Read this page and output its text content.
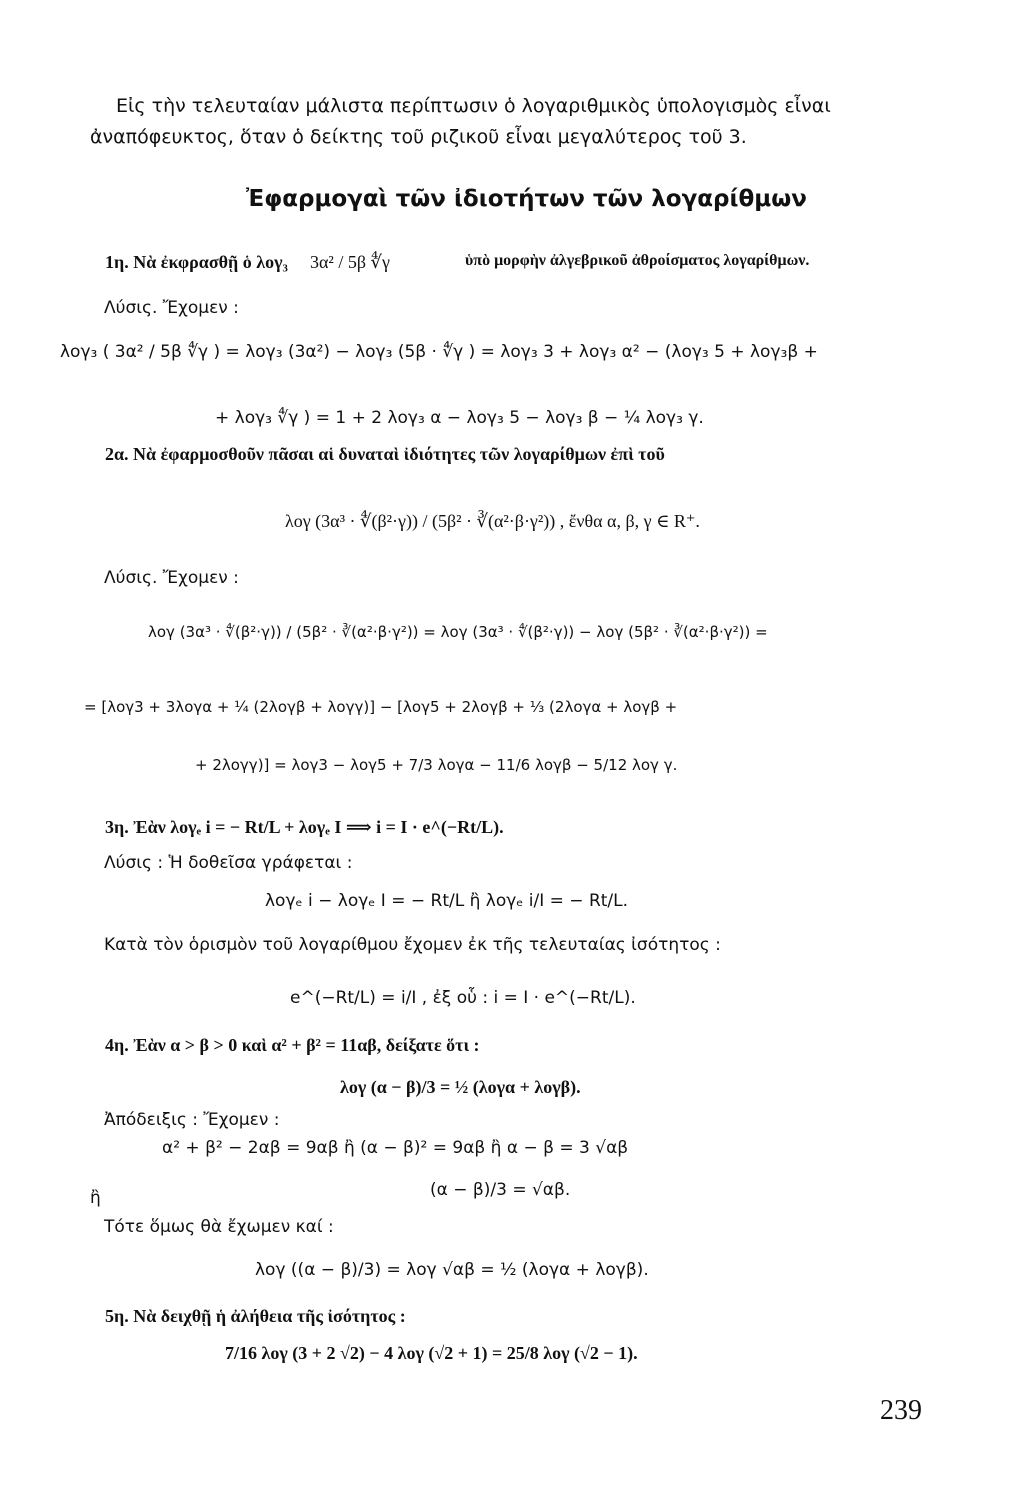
Εἰς τὴν τελευταίαν μάλιστα περίπτωσιν ὁ λογαριθμικὸς ὑπολογισμὸς εἶναι
ἀναπόφευκτος, ὅταν ὁ δείκτης τοῦ ριζικοῦ εἶναι μεγαλύτερος τοῦ 3.
Ἐφαρμογαὶ τῶν ἰδιοτήτων τῶν λογαρίθμων
1η. Νὰ ἐκφρασθῇ ὁ λογ₃ 3α² / 5β ∜γ	ὑπὸ μορφὴν ἀλγεβρικοῦ ἀθροίσματος λογαρίθμων.
Λύσις. Ἔχομεν :
λογ₃ ( 3α² / 5β ∜γ ) = λογ₃ (3α²) − λογ₃ (5β · ∜γ ) = λογ₃ 3 + λογ₃ α² − (λογ₃ 5 + λογ₃β +
+ λογ₃ ∜γ ) = 1 + 2 λογ₃ α − λογ₃ 5 − λογ₃ β − ¼ λογ₃ γ.
2α. Νὰ ἐφαρμοσθοῦν πᾶσαι αἱ δυναταὶ ἰδιότητες τῶν λογαρίθμων ἐπὶ τοῦ
λογ (3α³ · ∜(β²·γ)) / (5β² · ∛(α²·β·γ²)) , ἔνθα α, β, γ ∈ R⁺.
Λύσις. Ἔχομεν :
λογ (3α³ · ∜(β²·γ)) / (5β² · ∛(α²·β·γ²)) = λογ (3α³ · ∜(β²·γ)) − λογ (5β² · ∛(α²·β·γ²)) =
= [λογ3 + 3λογα + ¼ (2λογβ + λογγ)] − [λογ5 + 2λογβ + ⅓ (2λογα + λογβ +
+ 2λογγ)] = λογ3 − λογ5 + 7/3 λογα − 11/6 λογβ − 5/12 λογ γ.
3η. Ἐὰν λογₑ i = − Rt/L + λογₑ I ⟹ i = I · e^(−Rt/L).
Λύσις : Ἡ δοθεῖσα γράφεται :
λογₑ i − λογₑ I = − Rt/L ἢ λογₑ i/I = − Rt/L.
Κατὰ τὸν ὁρισμὸν τοῦ λογαρίθμου ἔχομεν ἐκ τῆς τελευταίας ἰσότητος :
e^(−Rt/L) = i/I , ἐξ οὗ : i = I · e^(−Rt/L).
4η. Ἐὰν α > β > 0 καὶ α² + β² = 11αβ, δείξατε ὅτι :
λογ (α − β)/3 = ½ (λογα + λογβ).
Ἀπόδειξις : Ἔχομεν :
α² + β² − 2αβ = 9αβ ἢ (α − β)² = 9αβ ἢ α − β = 3 √αβ
ἢ	(α − β)/3 = √αβ.
Τότε ὅμως θὰ ἔχωμεν καί :
λογ ((α − β)/3) = λογ √αβ = ½ (λογα + λογβ).
5η. Νὰ δειχθῇ ἡ ἀλήθεια τῆς ἰσότητος :
7/16 λογ (3 + 2 √2) − 4 λογ (√2 + 1) = 25/8 λογ (√2 − 1).
239
